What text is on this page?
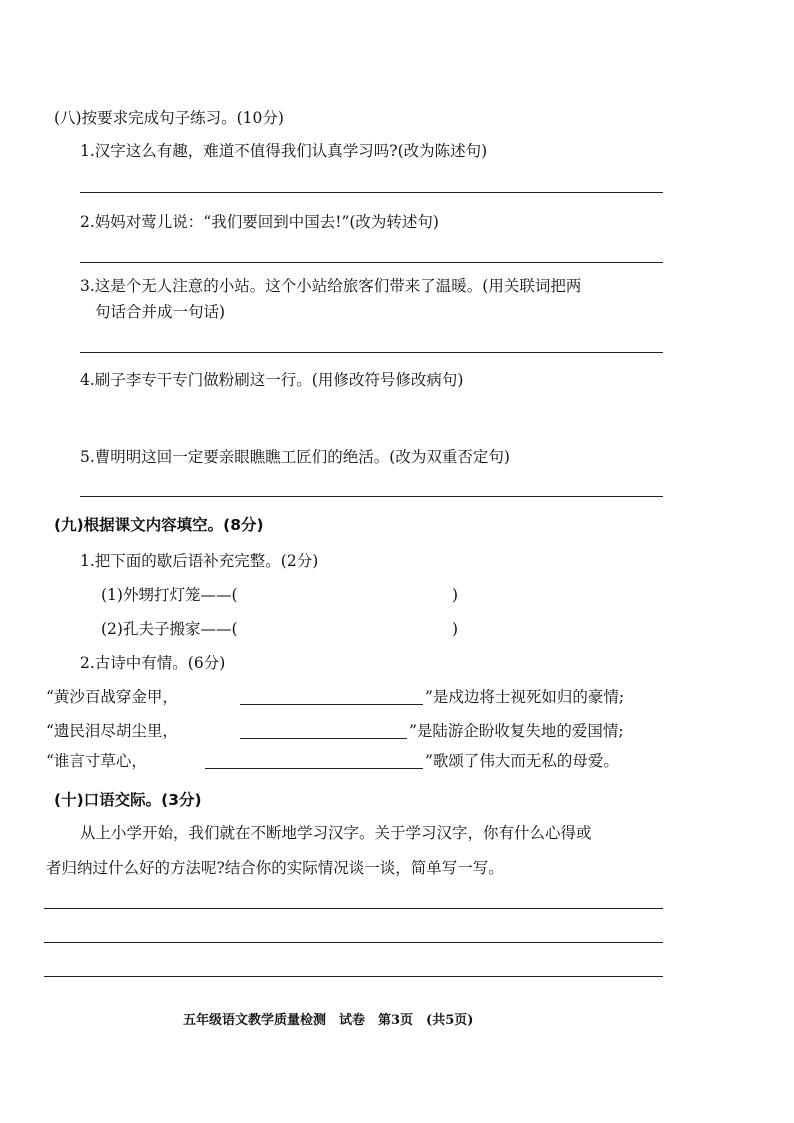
(八)按要求完成句子练习。(10分)
1.汉字这么有趣，难道不值得我们认真学习吗?(改为陈述句)
2.妈妈对莺儿说：“我们要回到中国去!”(改为转述句)
3.这是个无人注意的小站。这个小站给旅客们带来了温暖。(用关联词把两
句话合并成一句话)
4.刷子李专干专门做粉刷这一行。(用修改符号修改病句)
5.曹明明这回一定要亲眼瞧瞧工匠们的绝活。(改为双重否定句)
(九)根据课文内容填空。(8分)
1.把下面的歇后语补充完整。(2分)
(1)外甥打灯笼——(	)
(2)孔夫子搬家——(	)
2.古诗中有情。(6分)
“黄沙百战穿金甲，	”是戍边将士视死如归的豪情;
“遗民泪尽胡尘里，	”是陆游企盼收复失地的爱国情;
“谁言寸草心，	”歌颂了伟大而无私的母爱。
(十)口语交际。(3分)
从上小学开始，我们就在不断地学习汉字。关于学习汉字，你有什么心得或
者归纳过什么好的方法呢?结合你的实际情况谈一谈，简单写一写。
五年级语文教学质量检测　试卷　第3页　(共5页)
